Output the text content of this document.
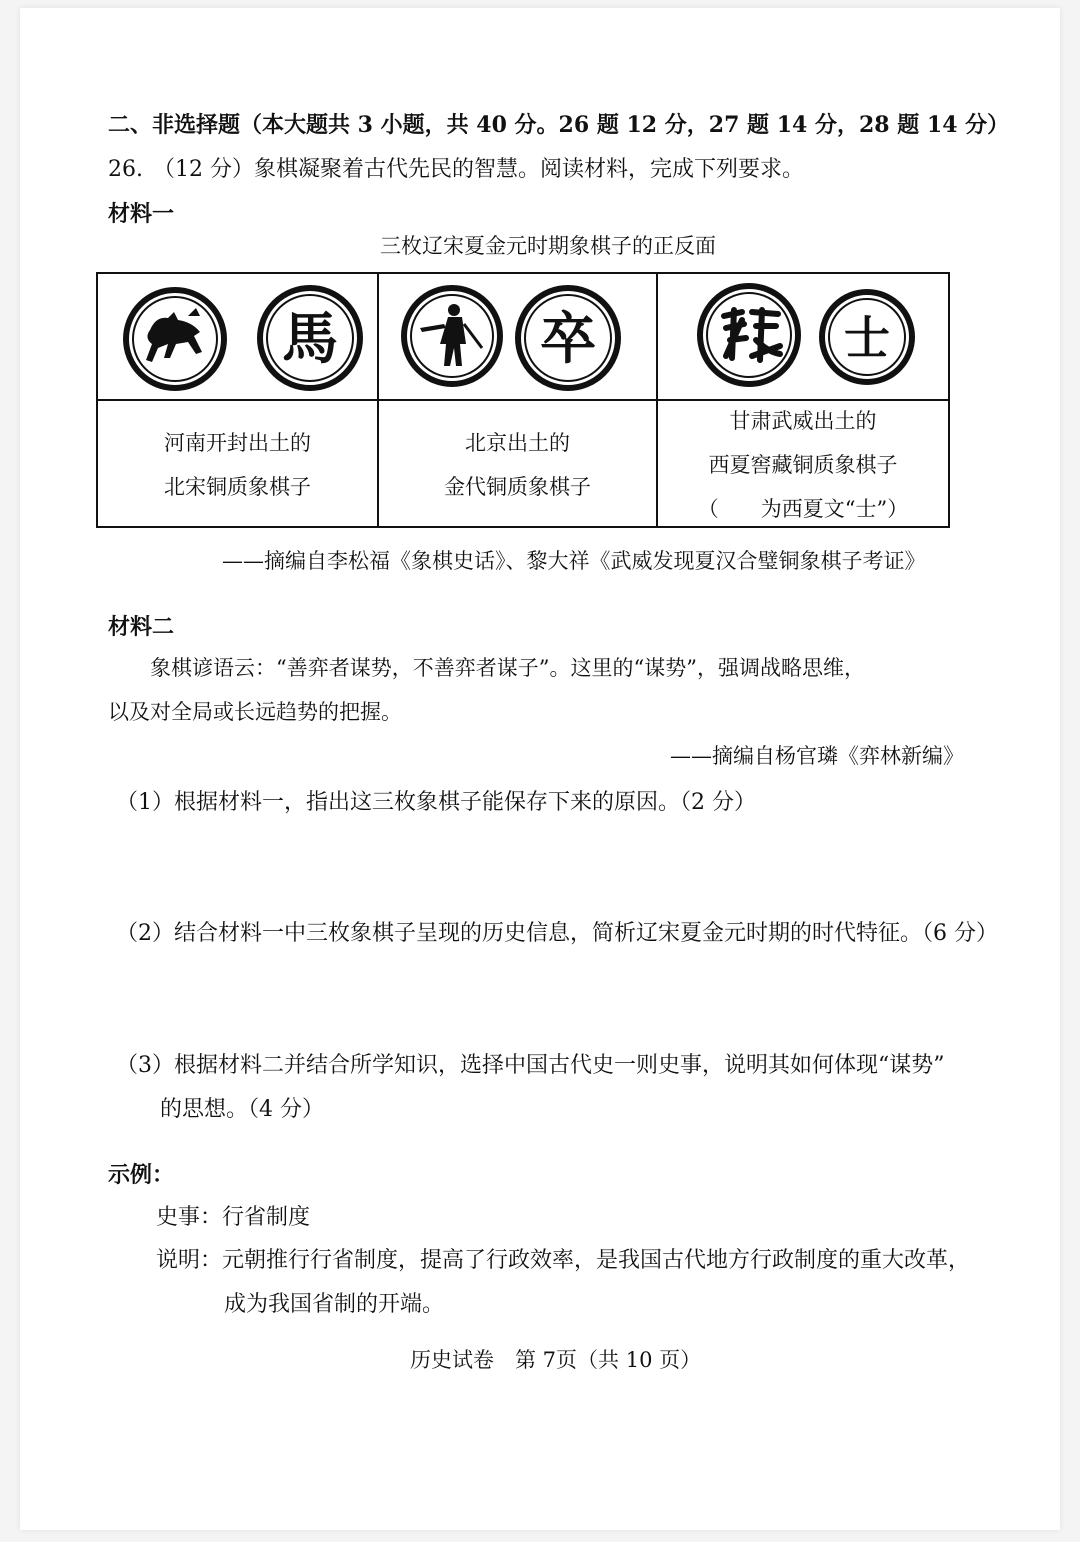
二、非选择题（本大题共 3 小题，共 40 分。26 题 12 分，27 题 14 分，28 题 14 分）
26. （12 分）象棋凝聚着古代先民的智慧。阅读材料，完成下列要求。
材料一
三枚辽宋夏金元时期象棋子的正反面
馬	卒	士
河南开封出土的
北宋铜质象棋子
北京出土的
金代铜质象棋子
甘肃武威出土的
西夏窖藏铜质象棋子
（ 为西夏文“士”）
——摘编自李松福《象棋史话》、黎大祥《武威发现夏汉合璧铜象棋子考证》
材料二
象棋谚语云：“善弈者谋势，不善弈者谋子”。这里的“谋势”，强调战略思维，
以及对全局或长远趋势的把握。
——摘编自杨官璘《弈林新编》
（1）根据材料一，指出这三枚象棋子能保存下来的原因。（2 分）
（2）结合材料一中三枚象棋子呈现的历史信息，简析辽宋夏金元时期的时代特征。（6 分）
（3）根据材料二并结合所学知识，选择中国古代史一则史事，说明其如何体现“谋势”
的思想。（4 分）
示例：
史事：行省制度
说明：元朝推行行省制度，提高了行政效率，是我国古代地方行政制度的重大改革，
成为我国省制的开端。
历史试卷　第 7页（共 10 页）
